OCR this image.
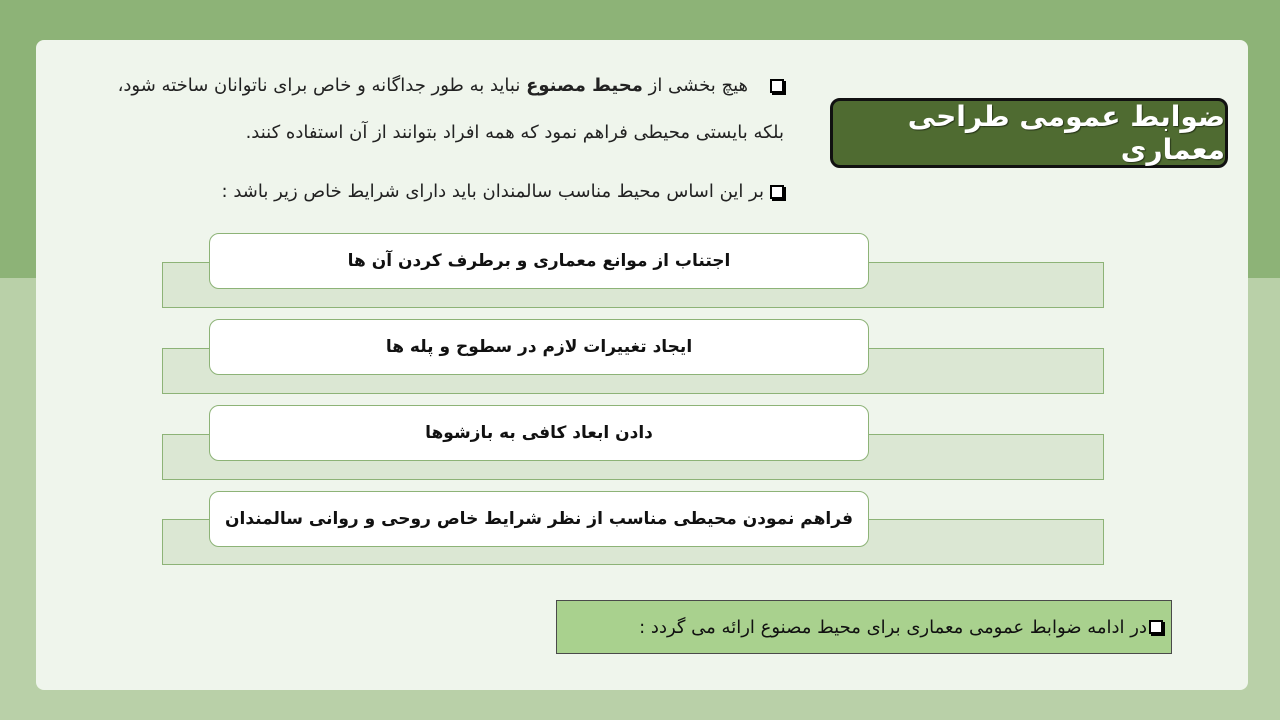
ضوابط عمومی طراحی معماری
هیچ بخشی از محیط مصنوع نباید به طور جداگانه و خاص برای ناتوانان ساخته شود، بلکه بایستی محیطی فراهم نمود که همه افراد بتوانند از آن استفاده کنند.
بر این اساس محیط مناسب سالمندان باید دارای شرایط خاص زیر باشد :
اجتناب از موانع معماری و برطرف کردن آن ها
ایجاد تغییرات لازم در سطوح و پله ها
دادن ابعاد کافی به بازشوها
فراهم نمودن محیطی مناسب از نظر شرایط خاص روحی و روانی سالمندان
در ادامه ضوابط عمومی معماری برای محیط مصنوع ارائه می گردد :
